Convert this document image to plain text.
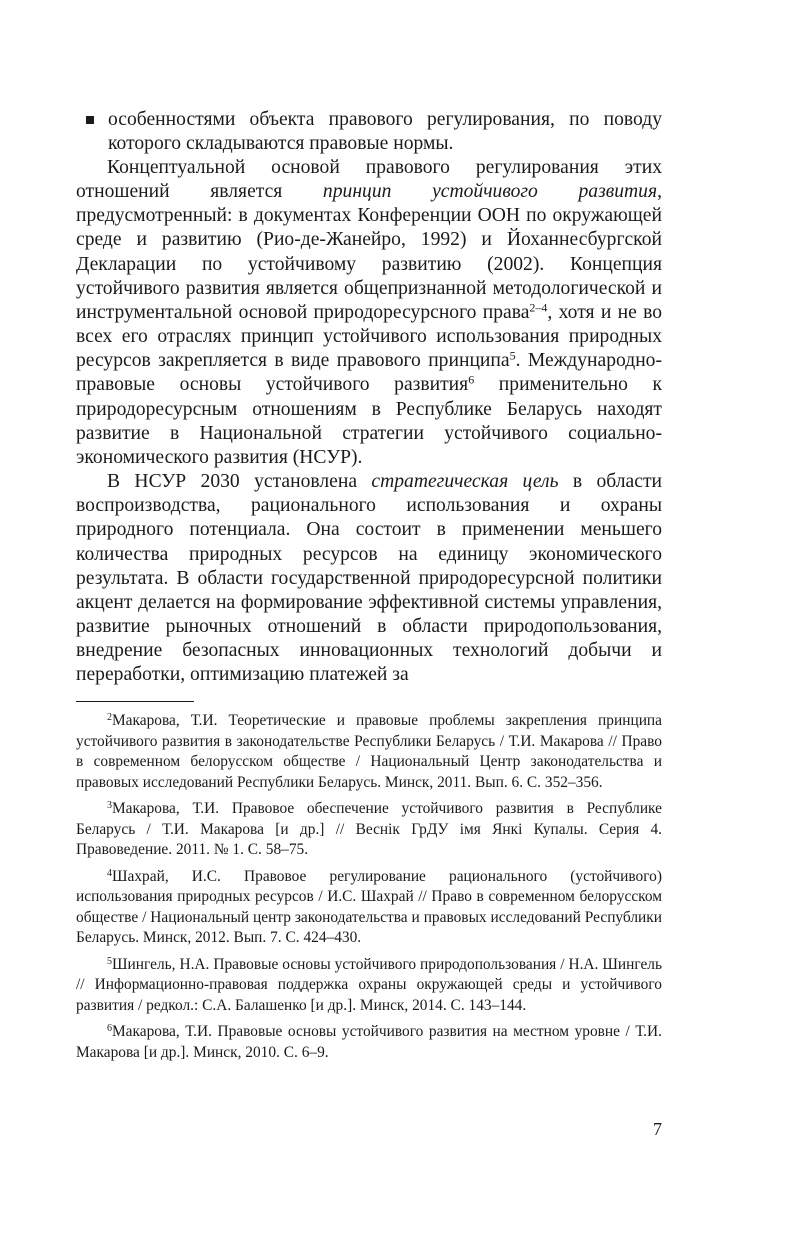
особенностями объекта правового регулирования, по поводу которого складываются правовые нормы.

Концептуальной основой правового регулирования этих отношений является принцип устойчивого развития, предусмотренный: в документах Конференции ООН по окружающей среде и развитию (Рио-де-Жанейро, 1992) и Йоханнесбургской Декларации по устойчивому развитию (2002). Концепция устойчивого развития является общепризнанной методологической и инструментальной основой природоресурсного права$^{2-4}$, хотя и не во всех его отраслях принцип устойчивого использования природных ресурсов закрепляется в виде правового принципа$^5$. Международно-правовые основы устойчивого развития$^6$ применительно к природоресурсным отношениям в Республике Беларусь находят развитие в Национальной стратегии устойчивого социально-экономического развития (НСУР).

В НСУР 2030 установлена стратегическая цель в области воспроизводства, рационального использования и охраны природного потенциала. Она состоит в применении меньшего количества природных ресурсов на единицу экономического результата. В области государственной природоресурсной политики акцент делается на формирование эффективной системы управления, развитие рыночных отношений в области природопользования, внедрение безопасных инновационных технологий добычи и переработки, оптимизацию платежей за

$^2$Макарова, Т.И. Теоретические и правовые проблемы закрепления принципа устойчивого развития в законодательстве Республики Беларусь / Т.И. Макарова // Право в современном белорусском обществе / Национальный Центр законодательства и правовых исследований Республики Беларусь. Минск, 2011. Вып. 6. С. 352–356.

$^3$Макарова, Т.И. Правовое обеспечение устойчивого развития в Республике Беларусь / Т.И. Макарова [и др.] // Веснік ГрДУ імя Янкі Купалы. Серия 4. Правоведение. 2011. № 1. С. 58–75.

$^4$Шахрай, И.С. Правовое регулирование рационального (устойчивого) использования природных ресурсов / И.С. Шахрай // Право в современном белорусском обществе / Национальный центр законодательства и правовых исследований Республики Беларусь. Минск, 2012. Вып. 7. С. 424–430.

$^5$Шингель, Н.А. Правовые основы устойчивого природопользования / Н.А. Шингель // Информационно-правовая поддержка охраны окружающей среды и устойчивого развития / редкол.: С.А. Балашенко [и др.]. Минск, 2014. С. 143–144.

$^6$Макарова, Т.И. Правовые основы устойчивого развития на местном уровне / Т.И. Макарова [и др.]. Минск, 2010. С. 6–9.

7
